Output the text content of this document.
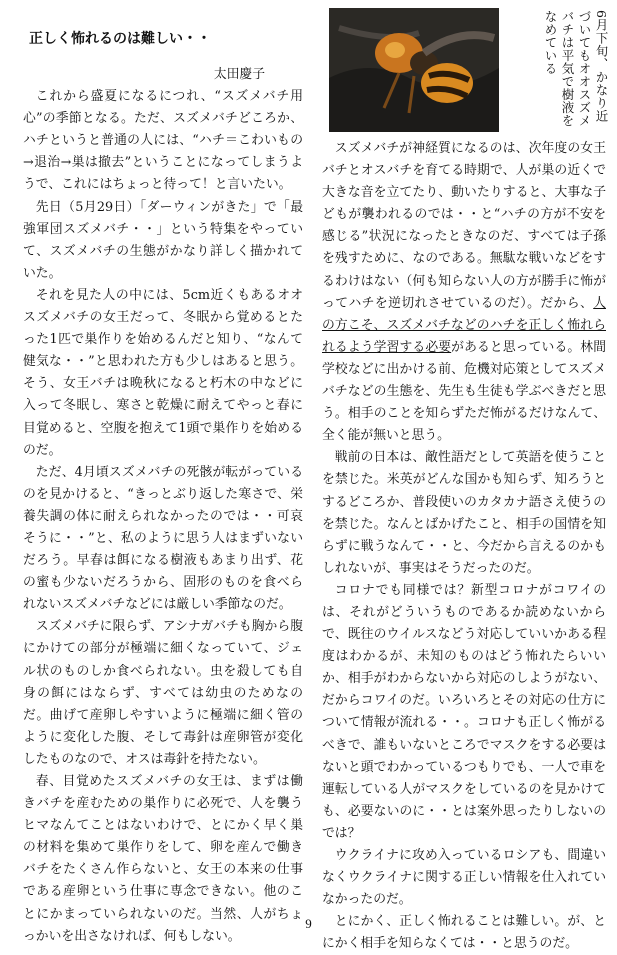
正しく怖れるのは難しい・・

太田慶子

これから盛夏になるにつれ、“スズメバチ用心”の季節となる。ただ、スズメバチどころか、ハチというと普通の人には、“ハチ＝こわいもの→退治→巣は撤去”ということになってしまうようで、これにはちょっと待って！と言いたい。

先日（5月29日）「ダーウィンがきた」で「最強軍団スズメバチ・・」という特集をやっていて、スズメバチの生態がかなり詳しく描かれていた。

それを見た人の中には、5cm近くもあるオオスズメバチの女王だって、冬眠から覚めるとたった1匹で巣作りを始めるんだと知り、“なんて健気な・・”と思われた方も少しはあると思う。そう、女王バチは晩秋になると朽木の中などに入って冬眠し、寒さと乾燥に耐えてやっと春に目覚めると、空腹を抱えて1頭で巣作りを始めるのだ。

ただ、4月頃スズメバチの死骸が転がっているのを見かけると、“きっとぶり返した寒さで、栄養失調の体に耐えられなかったのでは・・可哀そうに・・”と、私のように思う人はまずいないだろう。早春は餌になる樹液もあまり出ず、花の蜜も少ないだろうから、固形のものを食べられないスズメバチなどには厳しい季節なのだ。

スズメバチに限らず、アシナガバチも胸から腹にかけての部分が極端に細くなっていて、ジェル状のものしか食べられない。虫を殺しても自身の餌にはならず、すべては幼虫のためなのだ。曲げて産卵しやすいように極端に細く管のように変化した腹、そして毒針は産卵管が変化したものなので、オスは毒針を持たない。

春、目覚めたスズメバチの女王は、まずは働きバチを産むための巣作りに必死で、人を襲うヒマなんてことはないわけで、とにかく早く巣の材料を集めて巣作りをして、卵を産んで働きバチをたくさん作らないと、女王の本来の仕事である産卵という仕事に専念できない。他のことにかまっていられないのだ。当然、人がちょっかいを出さなければ、何もしない。

6月下旬、かなり近づいてもオオスズメバチは平気で樹液をなめている

スズメバチが神経質になるのは、次年度の女王バチとオスバチを育てる時期で、人が巣の近くで大きな音を立てたり、動いたりすると、大事な子どもが襲われるのでは・・と“ハチの方が不安を感じる”状況になったときなのだ、すべては子孫を残すために、なのである。無駄な戦いなどをするわけはない（何も知らない人の方が勝手に怖がってハチを逆切れさせているのだ）。だから、人の方こそ、スズメバチなどのハチを正しく怖れられるよう学習する必要があると思っている。林間学校などに出かける前、危機対応策としてスズメバチなどの生態を、先生も生徒も学ぶべきだと思う。相手のことを知らずただ怖がるだけなんて、全く能が無いと思う。

戦前の日本は、敵性語だとして英語を使うことを禁じた。米英がどんな国かも知らず、知ろうとするどころか、普段使いのカタカナ語さえ使うのを禁じた。なんとばかげたこと、相手の国情を知らずに戦うなんて・・と、今だから言えるのかもしれないが、事実はそうだったのだ。

コロナでも同様では？新型コロナがコワイのは、それがどういうものであるか読めないからで、既往のウイルスなどう対応していいかある程度はわかるが、未知のものはどう怖れたらいいか、相手がわからないから対応のしようがない、だからコワイのだ。いろいろとその対応の仕方について情報が流れる・・。コロナも正しく怖がるべきで、誰もいないところでマスクをする必要はないと頭でわかっているつもりでも、一人で車を運転している人がマスクをしているのを見かけても、必要ないのに・・とは案外思ったりしないのでは？

ウクライナに攻め入っているロシアも、間違いなくウクライナに関する正しい情報を仕入れていなかったのだ。

とにかく、正しく怖れることは難しい。が、とにかく相手を知らなくては・・と思うのだ。

9
